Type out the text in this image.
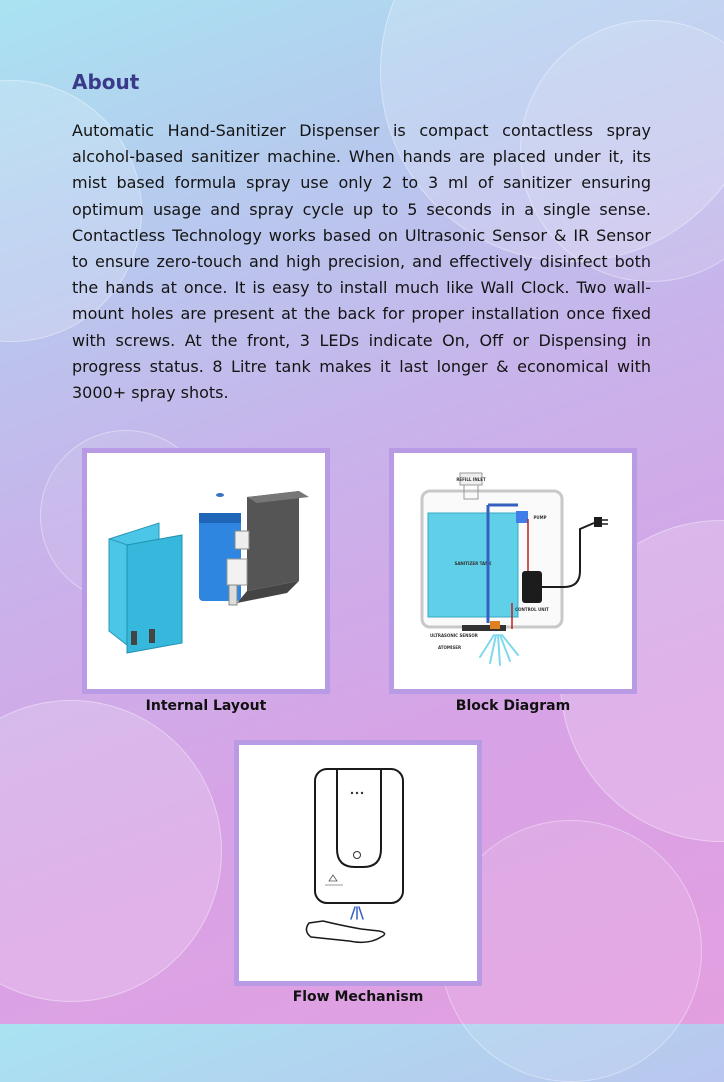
About

Automatic Hand-Sanitizer Dispenser is compact contactless spray alcohol-based sanitizer machine. When hands are placed under it, its mist based formula spray use only 2 to 3 ml of sanitizer ensuring optimum usage and spray cycle up to 5 seconds in a single sense. Contactless Technology works based on Ultrasonic Sensor & IR Sensor to ensure zero-touch and high precision, and effectively disinfect both the hands at once. It is easy to install much like Wall Clock. Two wall-mount holes are present at the back for proper installation once fixed with screws. At the front, 3 LEDs indicate On, Off or Dispensing in progress status. 8 Litre tank makes it last longer & economical with 3000+ spray shots.

Internal Layout
REFILL INLET
SANITIZER TANK
PUMP
CONTROL UNIT
ULTRASONIC SENSOR
ATOMISER
Block Diagram
Flow Mechanism
